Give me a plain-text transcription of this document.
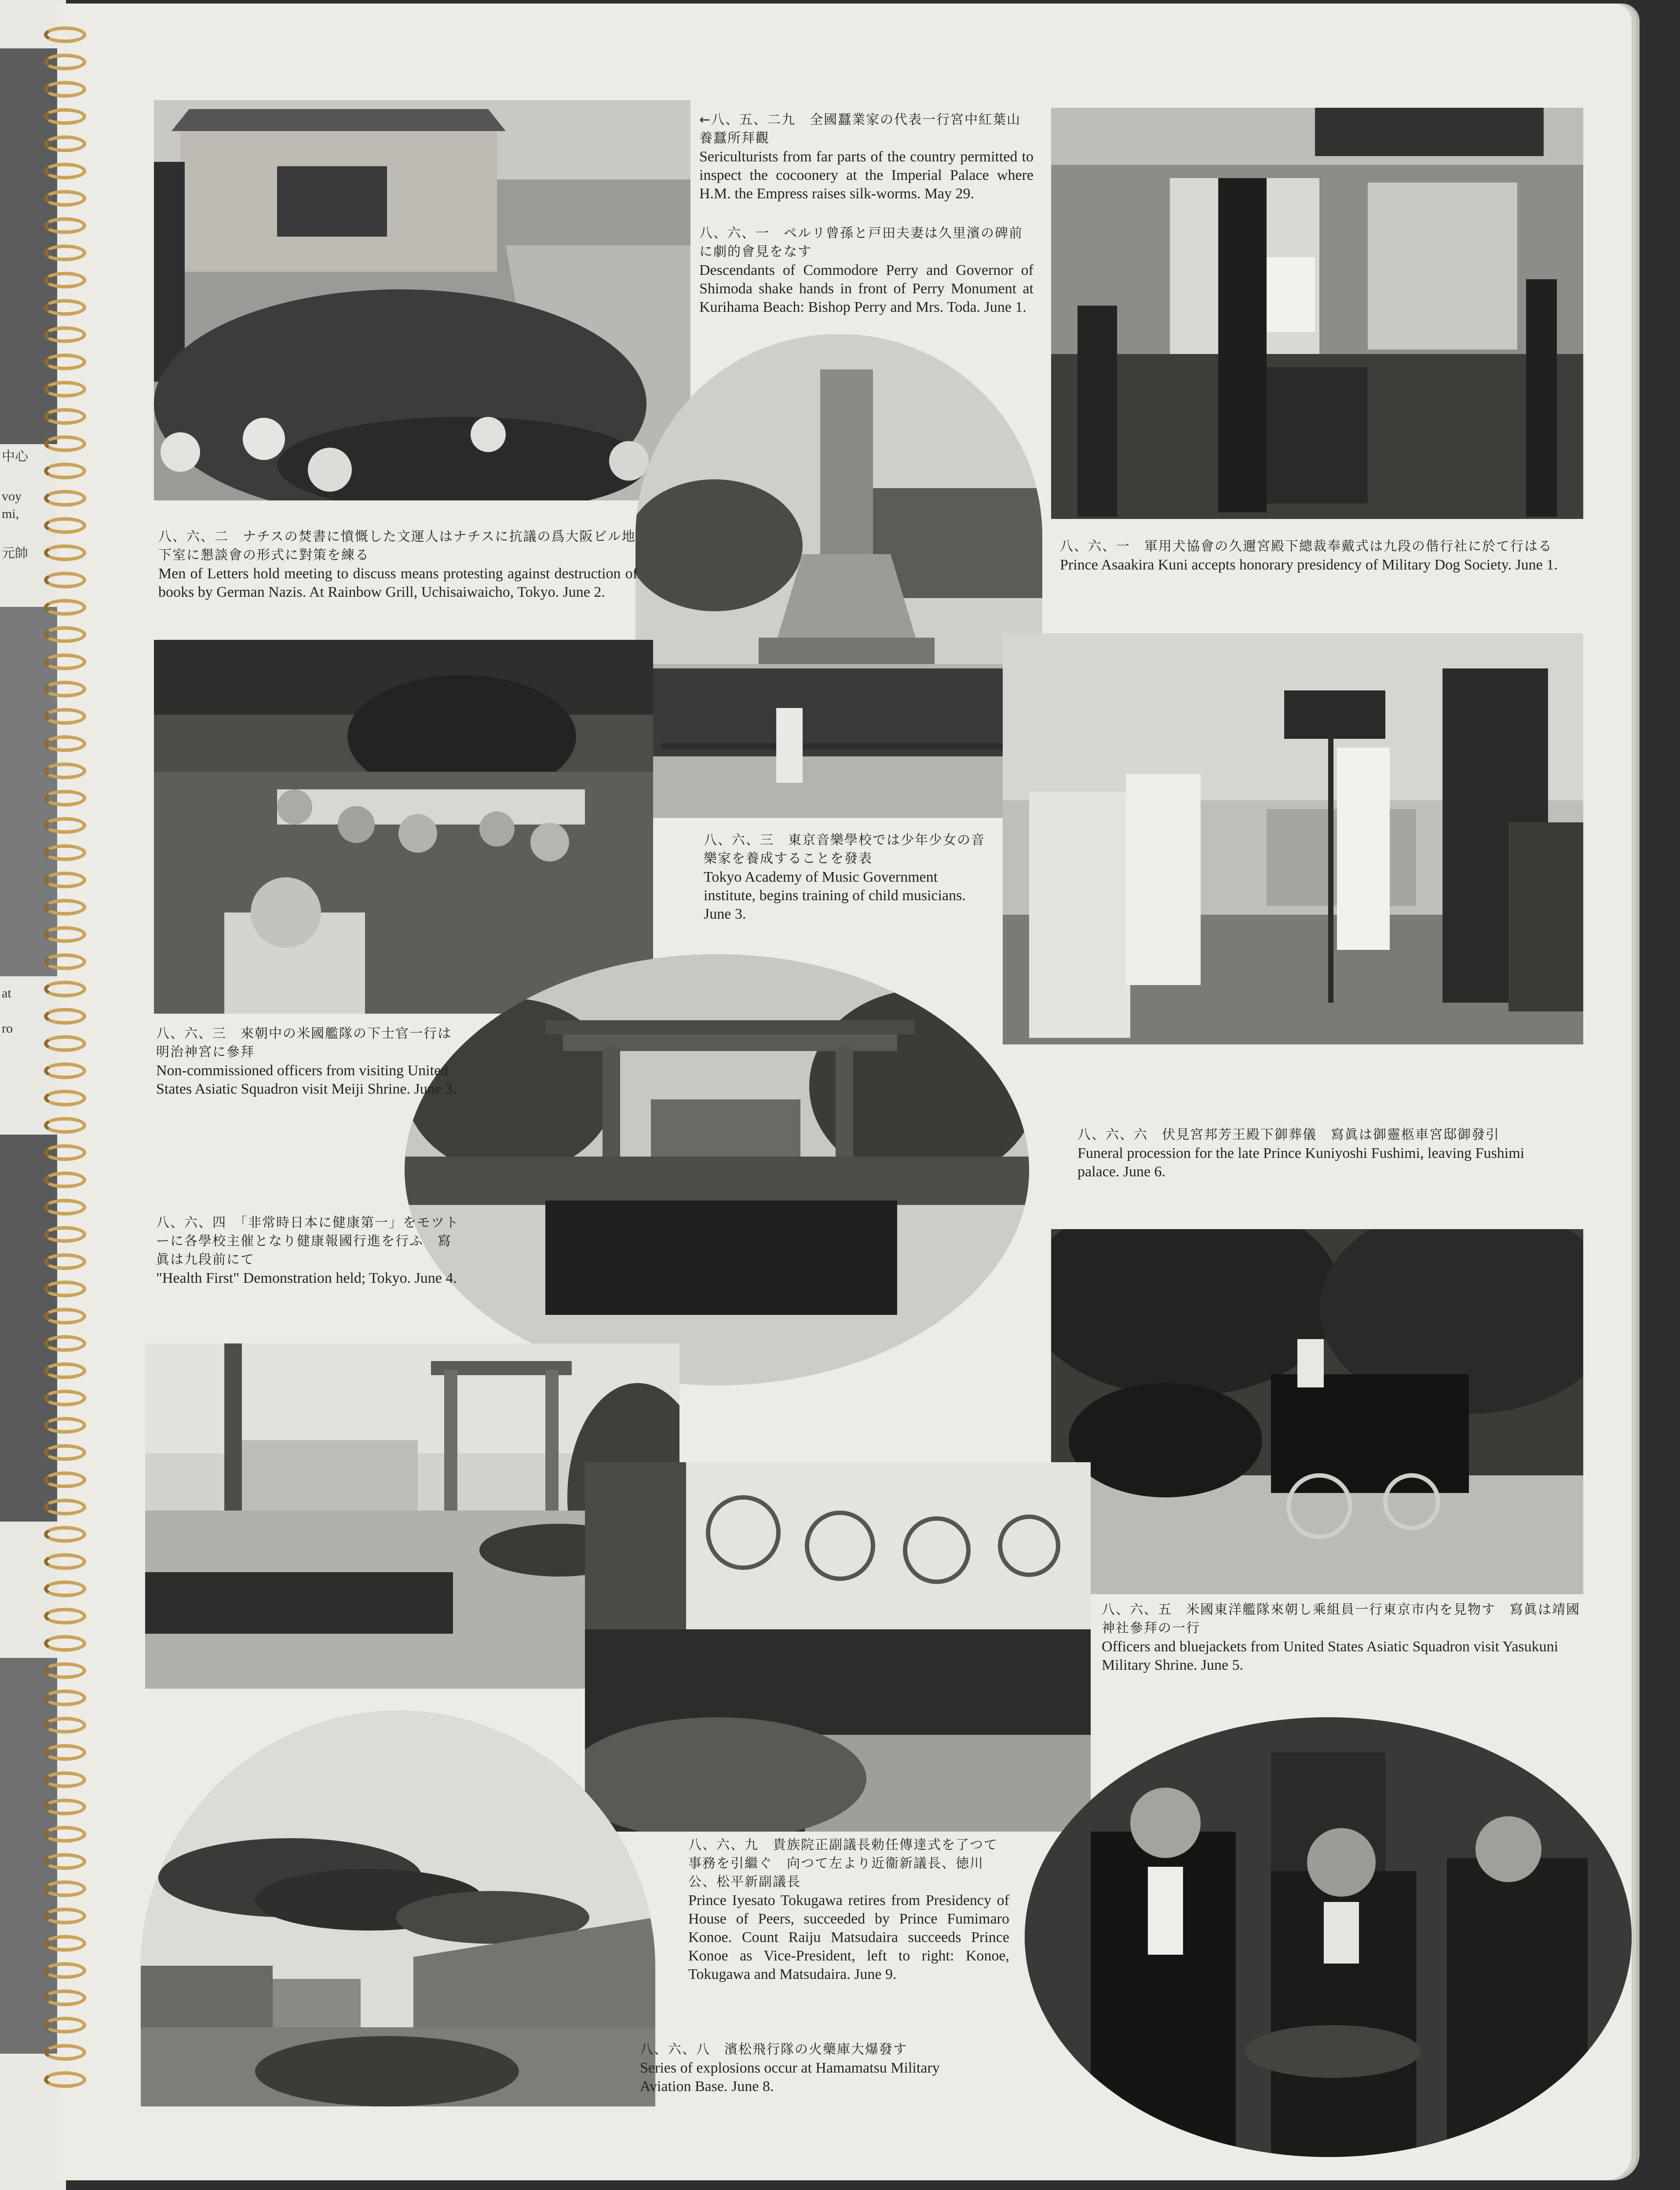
中心
voy
mi,
元帥
at
ro
←八、五、二九　全國蠶業家の代表一行宮中紅葉山養蠶所拜觀
Sericulturists from far parts of the country permitted to inspect the cocoonery at the Imperial Palace where H.M. the Empress raises silk-worms. May 29.
八、六、一　ペルリ曾孫と戸田夫妻は久里濱の碑前に劇的會見をなす
Descendants of Commodore Perry and Governor of Shimoda shake hands in front of Perry Monument at Kurihama Beach: Bishop Perry and Mrs. Toda. June 1.
八、六、一　軍用犬協會の久邇宮殿下總裁奉戴式は九段の偕行社に於て行はる
Prince Asaakira Kuni accepts honorary presidency of Military Dog Society. June 1.
八、六、二　ナチスの焚書に憤慨した文運人はナチスに抗議の爲大阪ビル地下室に懇談會の形式に對策を練る
Men of Letters hold meeting to discuss means protesting against destruction of books by German Nazis. At Rainbow Grill, Uchisaiwaicho, Tokyo. June 2.
八、六、三　東京音樂學校では少年少女の音樂家を養成することを發表
Tokyo Academy of Music Government institute, begins training of child musicians. June 3.
八、六、三　來朝中の米國艦隊の下士官一行は明治神宮に參拜
Non-commissioned officers from visiting United States Asiatic Squadron visit Meiji Shrine. June 3.
八、六、六　伏見宮邦芳王殿下御葬儀　寫眞は御靈柩車宮邸御發引
Funeral procession for the late Prince Kuniyoshi Fushimi, leaving Fushimi palace. June 6.
八、六、四　「非常時日本に健康第一」をモツトーに各學校主催となり健康報國行進を行ふ　寫眞は九段前にて
"Health First" Demonstration held; Tokyo. June 4.
八、六、五　米國東洋艦隊來朝し乘組員一行東京市内を見物す　寫眞は靖國神社參拜の一行
Officers and bluejackets from United States Asiatic Squadron visit Yasukuni Military Shrine. June 5.
八、六、九　貴族院正副議長勅任傳達式を了つて事務を引繼ぐ　向つて左より近衞新議長、徳川公、松平新副議長
Prince Iyesato Tokugawa retires from Presidency of House of Peers, succeeded by Prince Fumimaro Konoe. Count Raiju Matsudaira succeeds Prince Konoe as Vice-President, left to right: Konoe, Tokugawa and Matsudaira. June 9.
八、六、八　濱松飛行隊の火藥庫大爆發す
Series of explosions occur at Hamamatsu Military Aviation Base. June 8.
